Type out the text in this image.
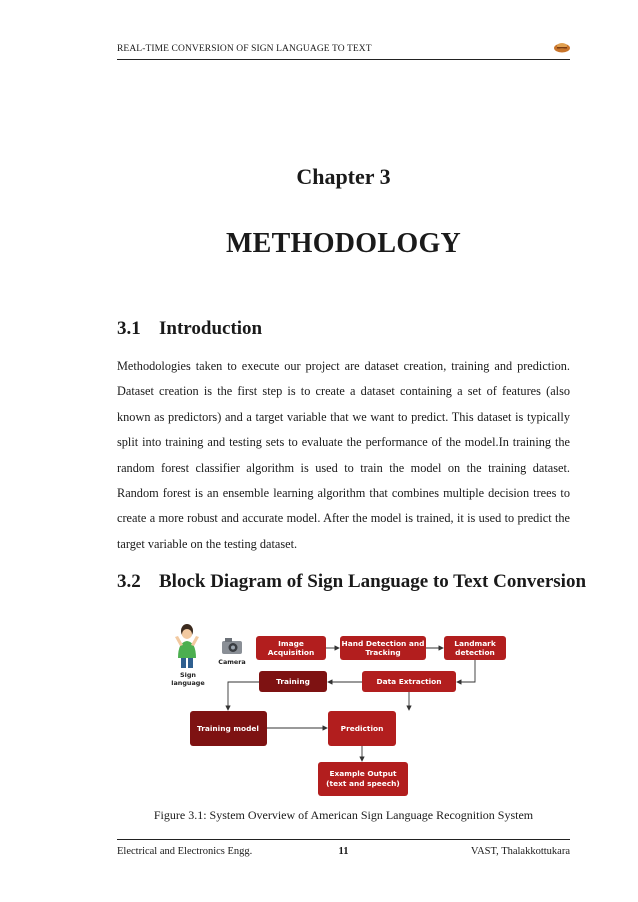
REAL-TIME CONVERSION OF SIGN LANGUAGE TO TEXT
Chapter 3
METHODOLOGY
3.1 Introduction

Methodologies taken to execute our project are dataset creation, training and prediction. Dataset creation is the first step is to create a dataset containing a set of features (also known as predictors) and a target variable that we want to predict. This dataset is typically split into training and testing sets to evaluate the performance of the model.In training the random forest classifier algorithm is used to train the model on the training dataset. Random forest is an ensemble learning algorithm that combines multiple decision trees to create a more robust and accurate model. After the model is trained, it is used to predict the target variable on the testing dataset.

3.2 Block Diagram of Sign Language to Text Conversion
Sign
language
Camera
Image
Acquisition
Hand Detection and
Tracking
Landmark
detection
Training	Data Extraction
Training model	Prediction
Example Output
(text and speech)
Figure 3.1: System Overview of American Sign Language Recognition System
Electrical and Electronics Engg.	11	VAST, Thalakkottukara
